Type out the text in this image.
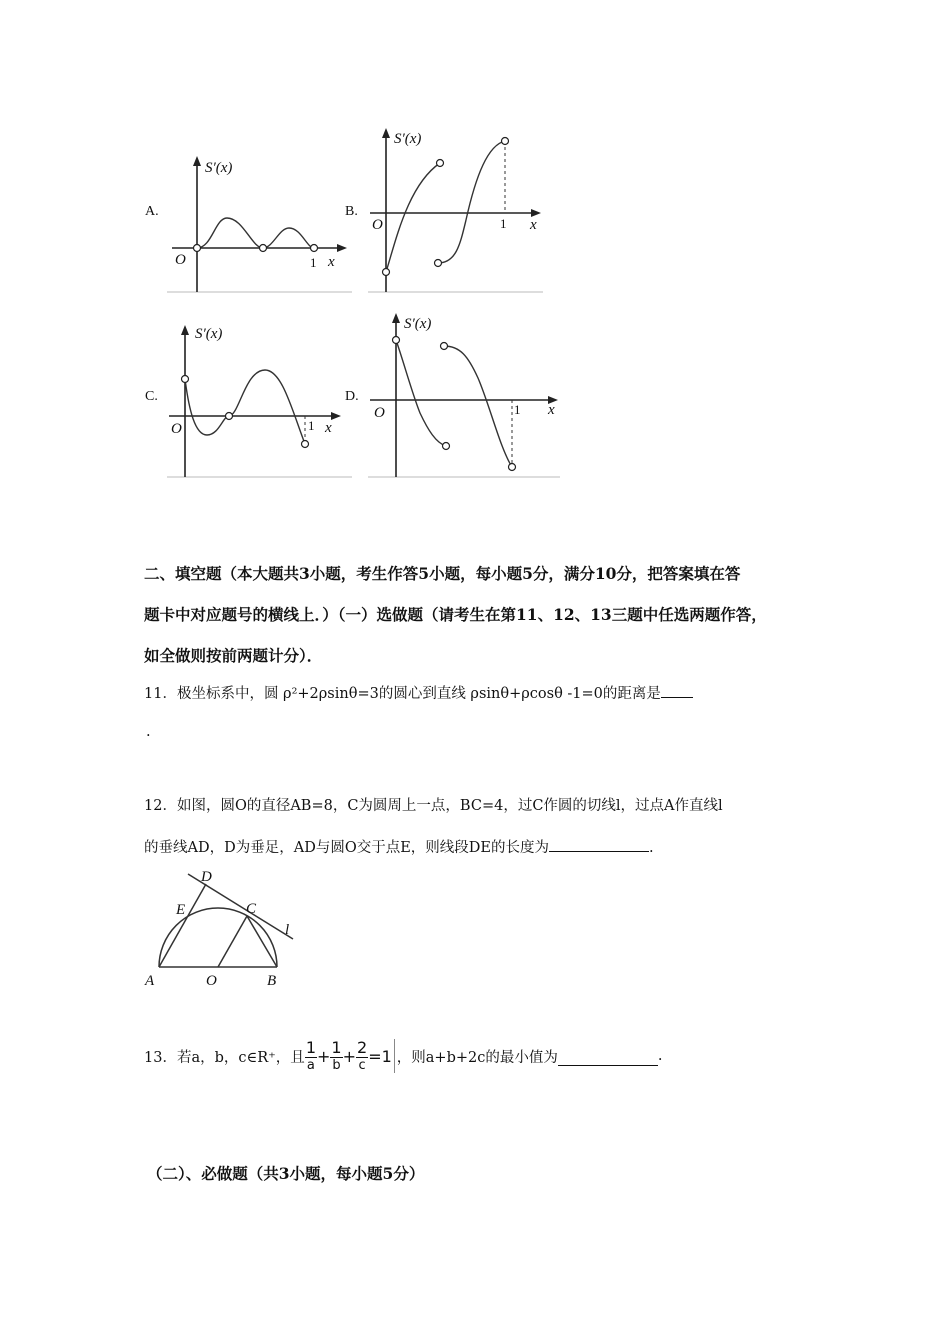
A.
S′(x)
O	1 x
B.
S′(x)
O	1 x
C.
S′(x)
O	1 x
D.
S′(x)
O	1 x
二、填空题（本大题共3小题，考生作答5小题，每小题5分，满分10分，把答案填在答
题卡中对应题号的横线上．）（一）选做题（请考生在第11、12、13三题中任选两题作答，
如全做则按前两题计分）．
11．极坐标系中，圆 ρ²+2ρsinθ=3的圆心到直线 ρsinθ+ρcosθ -1=0的距离是
.
12．如图，圆O的直径AB=8，C为圆周上一点，BC=4，过C作圆的切线l，过点A作直线l
的垂线AD，D为垂足，AD与圆O交于点E，则线段DE的长度为	.
D
E	C
l
A	O	B
13．若a，b，c∈R⁺，且 $\frac{1}{a} + \frac{1}{b} + \frac{2}{c} =1$ ，则a+b+2c的最小值为	.
（二）、必做题（共3小题，每小题5分）
